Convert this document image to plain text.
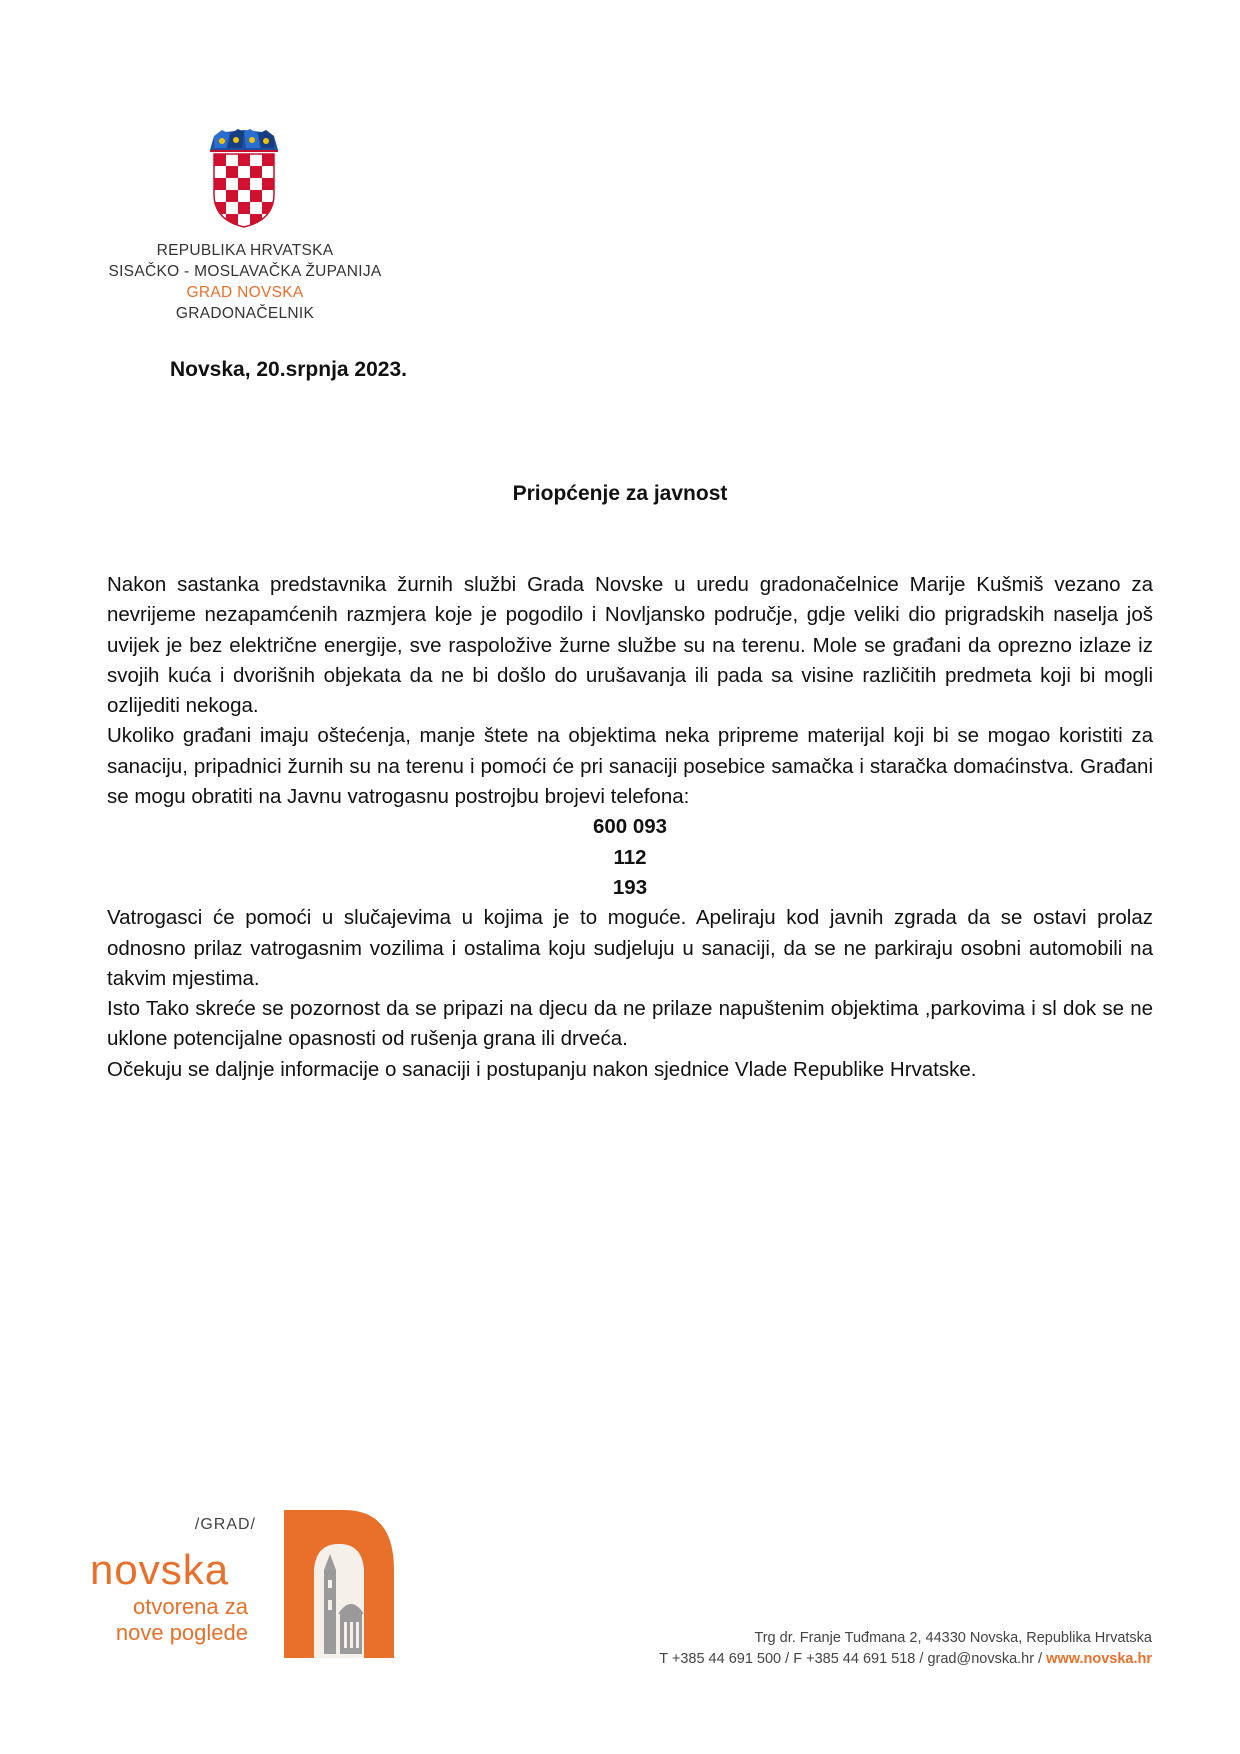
REPUBLIKA HRVATSKA
SISAČKO - MOSLAVAČKA ŽUPANIJA
GRAD NOVSKA
GRADONAČELNIK
Novska, 20.srpnja 2023.
Priopćenje za javnost

Nakon sastanka predstavnika žurnih službi Grada Novske u uredu gradonačelnice Marije Kušmiš vezano za nevrijeme nezapamćenih razmjera koje je pogodilo i Novljansko područje, gdje veliki dio prigradskih naselja još uvijek je bez električne energije, sve raspoložive žurne službe su na terenu. Mole se građani da oprezno izlaze iz svojih kuća i dvorišnih objekata da ne bi došlo do urušavanja ili pada sa visine različitih predmeta koji bi mogli ozlijediti nekoga.

Ukoliko građani imaju oštećenja, manje štete na objektima neka pripreme materijal koji bi se mogao koristiti za sanaciju, pripadnici žurnih su na terenu i pomoći će pri sanaciji posebice samačka i staračka domaćinstva. Građani se mogu obratiti na Javnu vatrogasnu postrojbu brojevi telefona:

600 093
112
193

Vatrogasci će pomoći u slučajevima u kojima je to moguće. Apeliraju kod javnih zgrada da se ostavi prolaz odnosno prilaz vatrogasnim vozilima i ostalima koju sudjeluju u sanaciji, da se ne parkiraju osobni automobili na takvim mjestima.

Isto Tako skreće se pozornost da se pripazi na djecu da ne prilaze napuštenim objektima ,parkovima i sl dok se ne uklone potencijalne opasnosti od rušenja grana ili drveća.

Očekuju se daljnje informacije o sanaciji i postupanju nakon sjednice Vlade Republike Hrvatske.

/GRAD/
novska
otvorena za
nove poglede	Trg dr. Franje Tuđmana 2, 44330 Novska, Republika Hrvatska
T +385 44 691 500 / F +385 44 691 518 / grad@novska.hr / www.novska.hr
